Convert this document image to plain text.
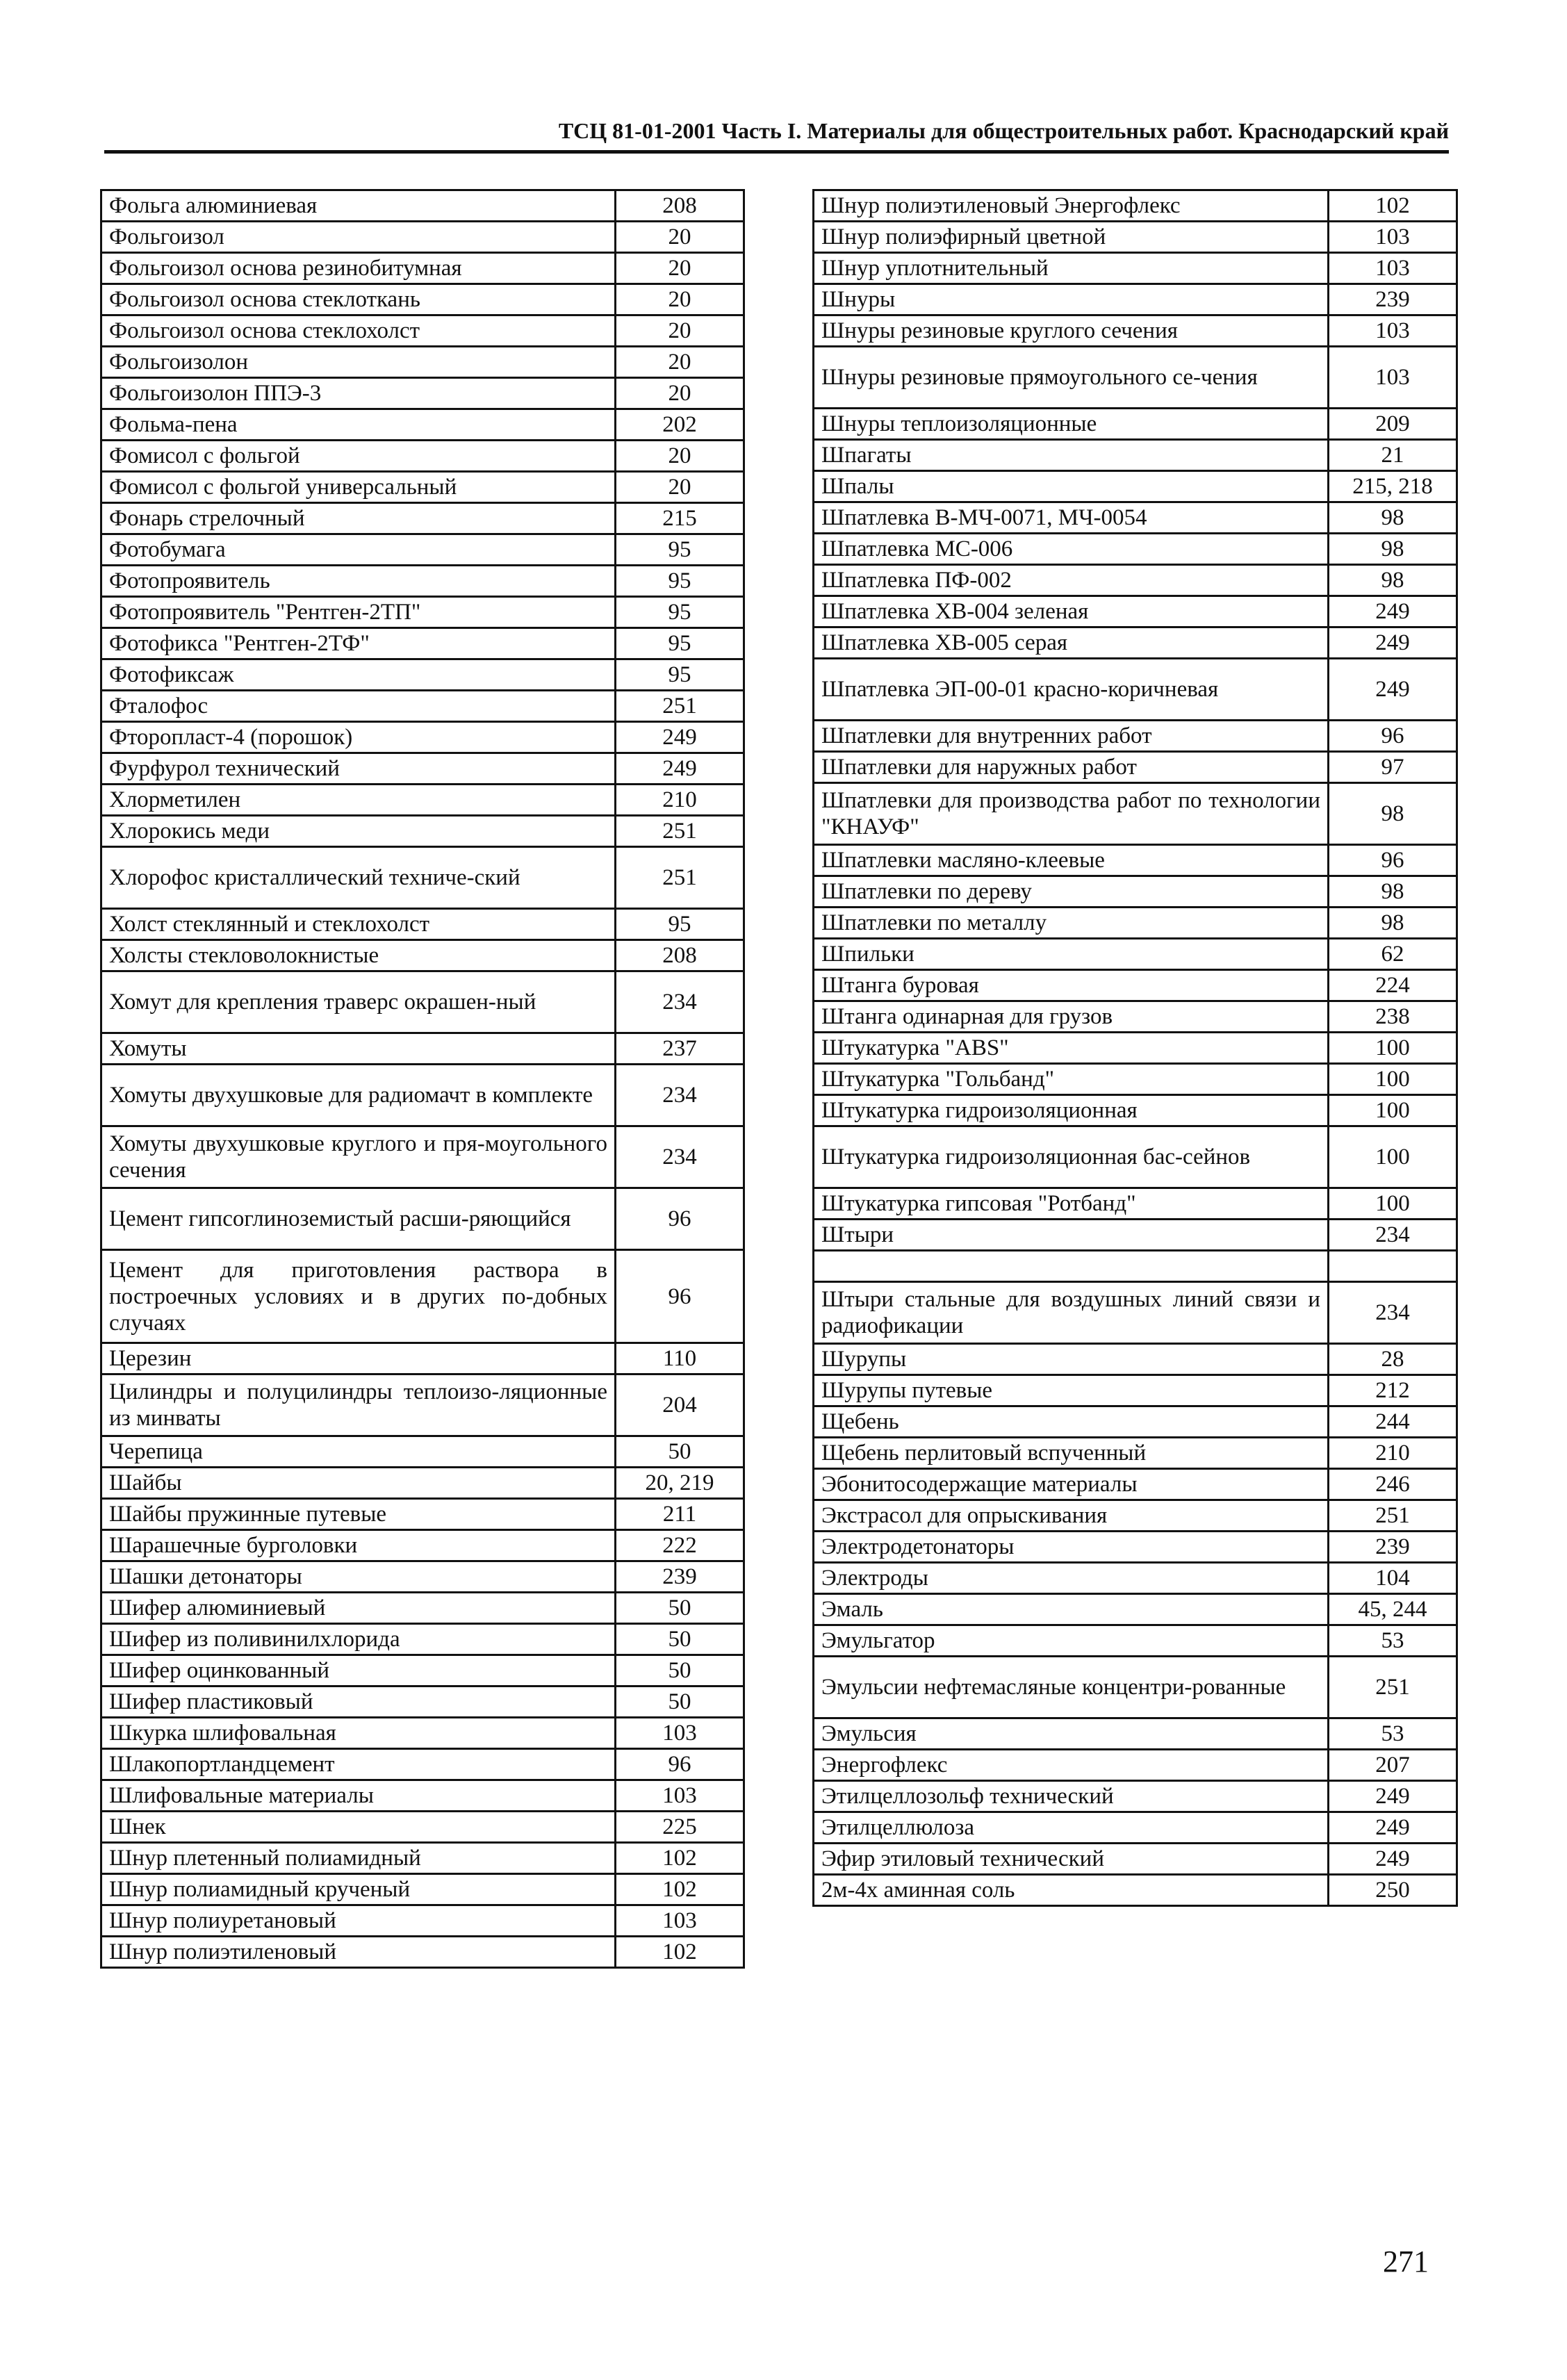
ТСЦ 81-01-2001 Часть I. Материалы для общестроительных работ. Краснодарский край
Фольга алюминиевая	208
Фольгоизол	20
Фольгоизол основа резинобитумная	20
Фольгоизол основа стеклоткань	20
Фольгоизол основа стеклохолст	20
Фольгоизолон	20
Фольгоизолон ППЭ-3	20
Фольма-пена	202
Фомисол с фольгой	20
Фомисол с фольгой универсальный	20
Фонарь стрелочный	215
Фотобумага	95
Фотопроявитель	95
Фотопроявитель "Рентген-2ТП"	95
Фотофикса "Рентген-2ТФ"	95
Фотофиксаж	95
Фталофос	251
Фторопласт-4 (порошок)	249
Фурфурол технический	249
Хлорметилен	210
Хлорокись меди	251
Хлорофос кристаллический техниче-ский	251
Холст стеклянный и стеклохолст	95
Холсты стекловолокнистые	208
Хомут для крепления траверс окрашен-ный	234
Хомуты	237
Хомуты двухушковые для радиомачт в комплекте	234
Хомуты двухушковые круглого и пря-моугольного сечения	234
Цемент гипсоглиноземистый расши-ряющийся	96
Цемент для приготовления раствора в построечных условиях и в других по-добных случаях	96
Церезин	110
Цилиндры и полуцилиндры теплоизо-ляционные из минваты	204
Черепица	50
Шайбы	20, 219
Шайбы пружинные путевые	211
Шарашечные бурголовки	222
Шашки детонаторы	239
Шифер алюминиевый	50
Шифер из поливинилхлорида	50
Шифер оцинкованный	50
Шифер пластиковый	50
Шкурка шлифовальная	103
Шлакопортландцемент	96
Шлифовальные материалы	103
Шнек	225
Шнур плетенный полиамидный	102
Шнур полиамидный крученый	102
Шнур полиуретановый	103
Шнур полиэтиленовый	102
Шнур полиэтиленовый Энергофлекс	102
Шнур полиэфирный цветной	103
Шнур уплотнительный	103
Шнуры	239
Шнуры резиновые круглого сечения	103
Шнуры резиновые прямоугольного се-чения	103
Шнуры теплоизоляционные	209
Шпагаты	21
Шпалы	215, 218
Шпатлевка В-МЧ-0071, МЧ-0054	98
Шпатлевка МС-006	98
Шпатлевка ПФ-002	98
Шпатлевка ХВ-004 зеленая	249
Шпатлевка ХВ-005 серая	249
Шпатлевка ЭП-00-01 красно-коричневая	249
Шпатлевки для внутренних работ	96
Шпатлевки для наружных работ	97
Шпатлевки для производства работ по технологии "КНАУФ"	98
Шпатлевки масляно-клеевые	96
Шпатлевки по дереву	98
Шпатлевки по металлу	98
Шпильки	62
Штанга буровая	224
Штанга одинарная для грузов	238
Штукатурка "ABS"	100
Штукатурка "Гольбанд"	100
Штукатурка гидроизоляционная	100
Штукатурка гидроизоляционная бас-сейнов	100
Штукатурка гипсовая "Ротбанд"	100
Штыри	234

Штыри стальные для воздушных линий связи и радиофикации	234
Шурупы	28
Шурупы путевые	212
Щебень	244
Щебень перлитовый вспученный	210
Эбонитосодержащие материалы	246
Экстрасол для опрыскивания	251
Электродетонаторы	239
Электроды	104
Эмаль	45, 244
Эмульгатор	53
Эмульсии нефтемасляные концентри-рованные	251
Эмульсия	53
Энергофлекс	207
Этилцеллозольф технический	249
Этилцеллюлоза	249
Эфир этиловый технический	249
2м-4х аминная соль	250
271
